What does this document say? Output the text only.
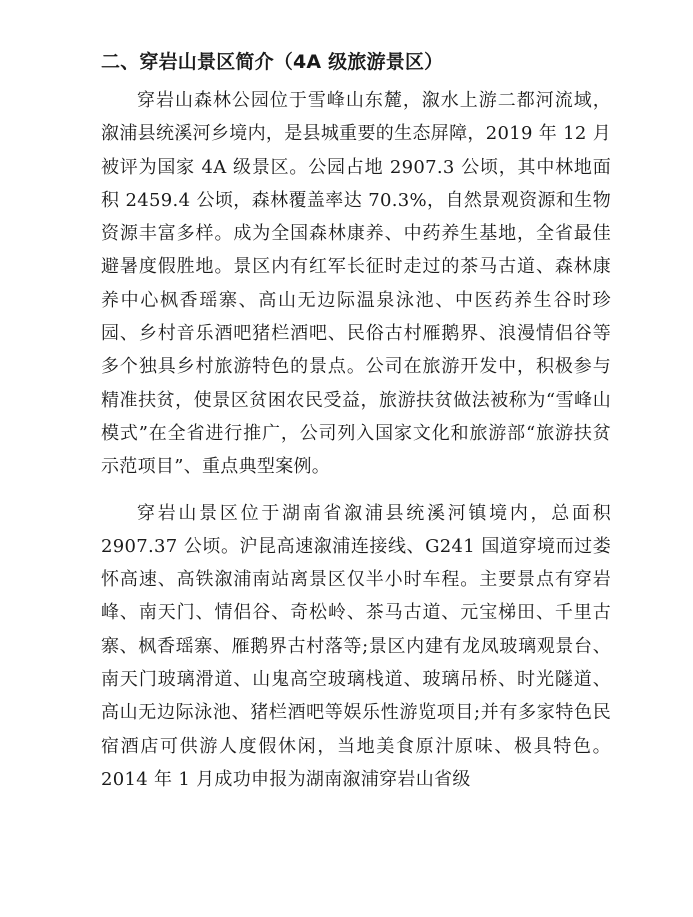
二、穿岩山景区简介（4A 级旅游景区）

穿岩山森林公园位于雪峰山东麓，溆水上游二都河流域，溆浦县统溪河乡境内，是县城重要的生态屏障，2019 年 12 月被评为国家 4A 级景区。公园占地 2907.3 公顷，其中林地面积 2459.4 公顷，森林覆盖率达 70.3%，自然景观资源和生物资源丰富多样。成为全国森林康养、中药养生基地，全省最佳避暑度假胜地。景区内有红军长征时走过的茶马古道、森林康养中心枫香瑶寨、高山无边际温泉泳池、中医药养生谷时珍园、乡村音乐酒吧猪栏酒吧、民俗古村雁鹅界、浪漫情侣谷等多个独具乡村旅游特色的景点。公司在旅游开发中，积极参与精准扶贫，使景区贫困农民受益，旅游扶贫做法被称为“雪峰山模式”在全省进行推广，公司列入国家文化和旅游部“旅游扶贫示范项目”、重点典型案例。

穿岩山景区位于湖南省溆浦县统溪河镇境内，总面积 2907.37 公顷。沪昆高速溆浦连接线、G241 国道穿境而过娄怀高速、高铁溆浦南站离景区仅半小时车程。主要景点有穿岩峰、南天门、情侣谷、奇松岭、茶马古道、元宝梯田、千里古寨、枫香瑶寨、雁鹅界古村落等;景区内建有龙凤玻璃观景台、南天门玻璃滑道、山鬼高空玻璃栈道、玻璃吊桥、时光隧道、高山无边际泳池、猪栏酒吧等娱乐性游览项目;并有多家特色民宿酒店可供游人度假休闲，当地美食原汁原味、极具特色。2014 年 1 月成功申报为湖南溆浦穿岩山省级
